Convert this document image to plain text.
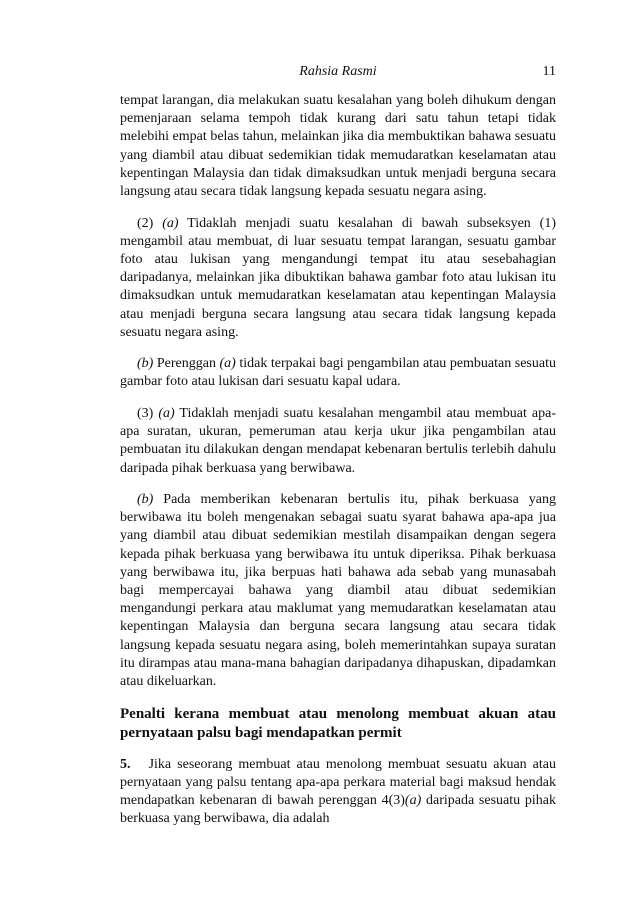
Rahsia Rasmi	11

tempat larangan, dia melakukan suatu kesalahan yang boleh dihukum dengan pemenjaraan selama tempoh tidak kurang dari satu tahun tetapi tidak melebihi empat belas tahun, melainkan jika dia membuktikan bahawa sesuatu yang diambil atau dibuat sedemikian tidak memudaratkan keselamatan atau kepentingan Malaysia dan tidak dimaksudkan untuk menjadi berguna secara langsung atau secara tidak langsung kepada sesuatu negara asing.

(2) (a) Tidaklah menjadi suatu kesalahan di bawah subseksyen (1) mengambil atau membuat, di luar sesuatu tempat larangan, sesuatu gambar foto atau lukisan yang mengandungi tempat itu atau sesebahagian daripadanya, melainkan jika dibuktikan bahawa gambar foto atau lukisan itu dimaksudkan untuk memudaratkan keselamatan atau kepentingan Malaysia atau menjadi berguna secara langsung atau secara tidak langsung kepada sesuatu negara asing.

(b) Perenggan (a) tidak terpakai bagi pengambilan atau pembuatan sesuatu gambar foto atau lukisan dari sesuatu kapal udara.

(3) (a) Tidaklah menjadi suatu kesalahan mengambil atau membuat apa-apa suratan, ukuran, pemeruman atau kerja ukur jika pengambilan atau pembuatan itu dilakukan dengan mendapat kebenaran bertulis terlebih dahulu daripada pihak berkuasa yang berwibawa.

(b) Pada memberikan kebenaran bertulis itu, pihak berkuasa yang berwibawa itu boleh mengenakan sebagai suatu syarat bahawa apa-apa jua yang diambil atau dibuat sedemikian mestilah disampaikan dengan segera kepada pihak berkuasa yang berwibawa itu untuk diperiksa. Pihak berkuasa yang berwibawa itu, jika berpuas hati bahawa ada sebab yang munasabah bagi mempercayai bahawa yang diambil atau dibuat sedemikian mengandungi perkara atau maklumat yang memudaratkan keselamatan atau kepentingan Malaysia dan berguna secara langsung atau secara tidak langsung kepada sesuatu negara asing, boleh memerintahkan supaya suratan itu dirampas atau mana-mana bahagian daripadanya dihapuskan, dipadamkan atau dikeluarkan.

Penalti kerana membuat atau menolong membuat akuan atau pernyataan palsu bagi mendapatkan permit

5.   Jika seseorang membuat atau menolong membuat sesuatu akuan atau pernyataan yang palsu tentang apa-apa perkara material bagi maksud hendak mendapatkan kebenaran di bawah perenggan 4(3)(a) daripada sesuatu pihak berkuasa yang berwibawa, dia adalah
